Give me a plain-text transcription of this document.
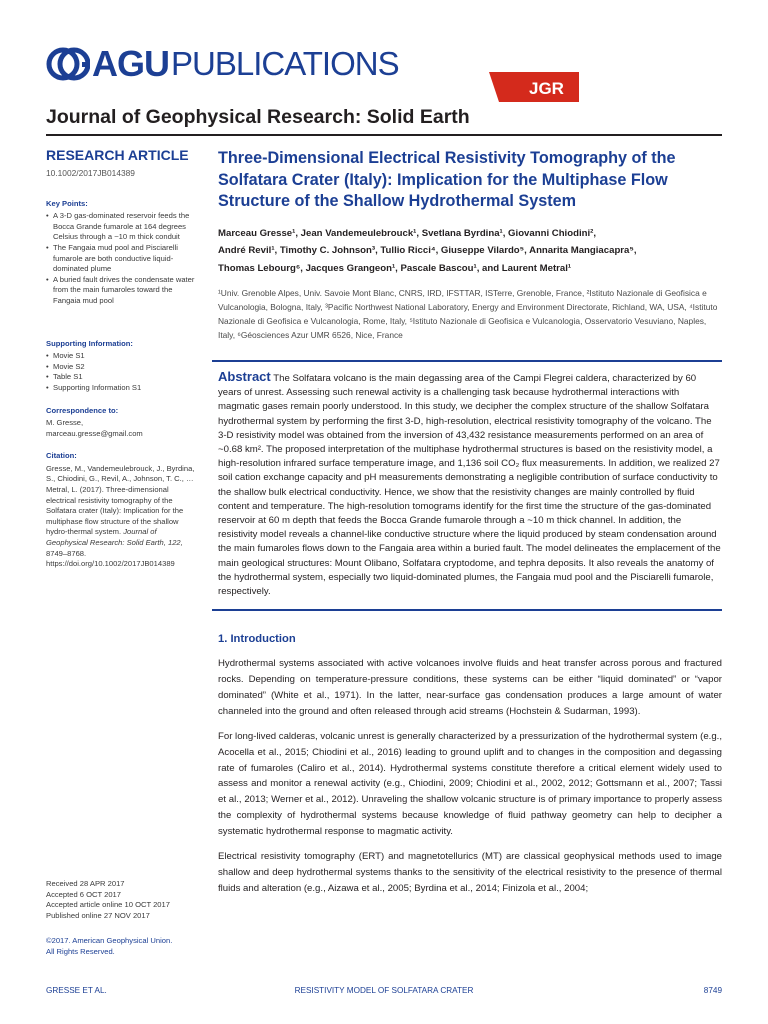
AGU PUBLICATIONS
JGR
Journal of Geophysical Research: Solid Earth
RESEARCH ARTICLE
10.1002/2017JB014389
Key Points:
• A 3-D gas-dominated reservoir feeds the Bocca Grande fumarole at 164 degrees Celsius through a ~10 m thick conduit
• The Fangaia mud pool and Pisciarelli fumarole are both conductive liquid-dominated plume
• A buried fault drives the condensate water from the main fumaroles toward the Fangaia mud pool
Supporting Information:
• Movie S1
• Movie S2
• Table S1
• Supporting Information S1
Correspondence to:
M. Gresse,
marceau.gresse@gmail.com
Citation:
Gresse, M., Vandemeulebrouck, J., Byrdina, S., Chiodini, G., Revil, A., Johnson, T. C., … Metral, L. (2017). Three-dimensional electrical resistivity tomography of the Solfatara crater (Italy): Implication for the multiphase flow structure of the shallow hydro-thermal system. Journal of Geophysical Research: Solid Earth, 122, 8749–8768. https://doi.org/10.1002/2017JB014389
Received 28 APR 2017
Accepted 6 OCT 2017
Accepted article online 10 OCT 2017
Published online 27 NOV 2017
©2017. American Geophysical Union.
All Rights Reserved.
Three-Dimensional Electrical Resistivity Tomography of the Solfatara Crater (Italy): Implication for the Multiphase Flow Structure of the Shallow Hydrothermal System
Marceau Gresse¹, Jean Vandemeulebrouck¹, Svetlana Byrdina¹, Giovanni Chiodini²,
André Revil¹, Timothy C. Johnson³, Tullio Ricci⁴, Giuseppe Vilardo⁵, Annarita Mangiacapra⁵,
Thomas Lebourg⁶, Jacques Grangeon¹, Pascale Bascou¹, and Laurent Metral¹
¹Univ. Grenoble Alpes, Univ. Savoie Mont Blanc, CNRS, IRD, IFSTTAR, ISTerre, Grenoble, France, ²Istituto Nazionale di Geofisica e Vulcanologia, Bologna, Italy, ³Pacific Northwest National Laboratory, Energy and Environment Directorate, Richland, WA, USA, ⁴Istituto Nazionale di Geofisica e Vulcanologia, Rome, Italy, ⁵Istituto Nazionale di Geofisica e Vulcanologia, Osservatorio Vesuviano, Naples, Italy, ⁶Géosciences Azur UMR 6526, Nice, France

Abstract The Solfatara volcano is the main degassing area of the Campi Flegrei caldera, characterized by 60 years of unrest. Assessing such renewal activity is a challenging task because hydrothermal interactions with magmatic gases remain poorly understood. In this study, we decipher the complex structure of the shallow Solfatara hydrothermal system by performing the first 3-D, high-resolution, electrical resistivity tomography of the volcano. The 3-D resistivity model was obtained from the inversion of 43,432 resistance measurements performed on an area of ~0.68 km². The proposed interpretation of the multiphase hydrothermal structures is based on the resistivity model, a high-resolution infrared surface temperature image, and 1,136 soil CO₂ flux measurements. In addition, we realized 27 soil cation exchange capacity and pH measurements demonstrating a negligible contribution of surface conductivity to the shallow bulk electrical conductivity. Hence, we show that the resistivity changes are mainly controlled by fluid content and temperature. The high-resolution tomograms identify for the first time the structure of the gas-dominated reservoir at 60 m depth that feeds the Bocca Grande fumarole through a ~10 m thick channel. In addition, the resistivity model reveals a channel-like conductive structure where the liquid produced by steam condensation around the main fumaroles flows down to the Fangaia area within a buried fault. The model delineates the emplacement of the main geological structures: Mount Olibano, Solfatara cryptodome, and tephra deposits. It also reveals the anatomy of the hydrothermal system, especially two liquid-dominated plumes, the Fangaia mud pool and the Pisciarelli fumarole, respectively.

1. Introduction

Hydrothermal systems associated with active volcanoes involve fluids and heat transfer across porous and fractured rocks. Depending on temperature-pressure conditions, these systems can be either “liquid dominated” or “vapor dominated” (White et al., 1971). In the latter, near-surface gas condensation produces a large amount of water channeled into the ground and often released through acid streams (Hochstein & Sudarman, 1993).

For long-lived calderas, volcanic unrest is generally characterized by a pressurization of the hydrothermal system (e.g., Acocella et al., 2015; Chiodini et al., 2016) leading to ground uplift and to changes in the composition and degassing rate of fumaroles (Caliro et al., 2014). Hydrothermal systems constitute therefore a critical element widely used to assess and monitor a renewal activity (e.g., Chiodini, 2009; Chiodini et al., 2002, 2012; Gottsmann et al., 2007; Tassi et al., 2013; Werner et al., 2012). Unraveling the shallow volcanic structure is of primary importance to properly assess the complexity of hydrothermal systems because knowledge of fluid pathway geometry can help to decipher a systematic hydrothermal response to magmatic activity.

Electrical resistivity tomography (ERT) and magnetotellurics (MT) are classical geophysical methods used to image shallow and deep hydrothermal systems thanks to the sensitivity of the electrical resistivity to the presence of thermal fluids and alteration (e.g., Aizawa et al., 2005; Byrdina et al., 2014; Finizola et al., 2004;

RESISTIVITY MODEL OF SOLFATARA CRATER
GRESSE ET AL.	8749
